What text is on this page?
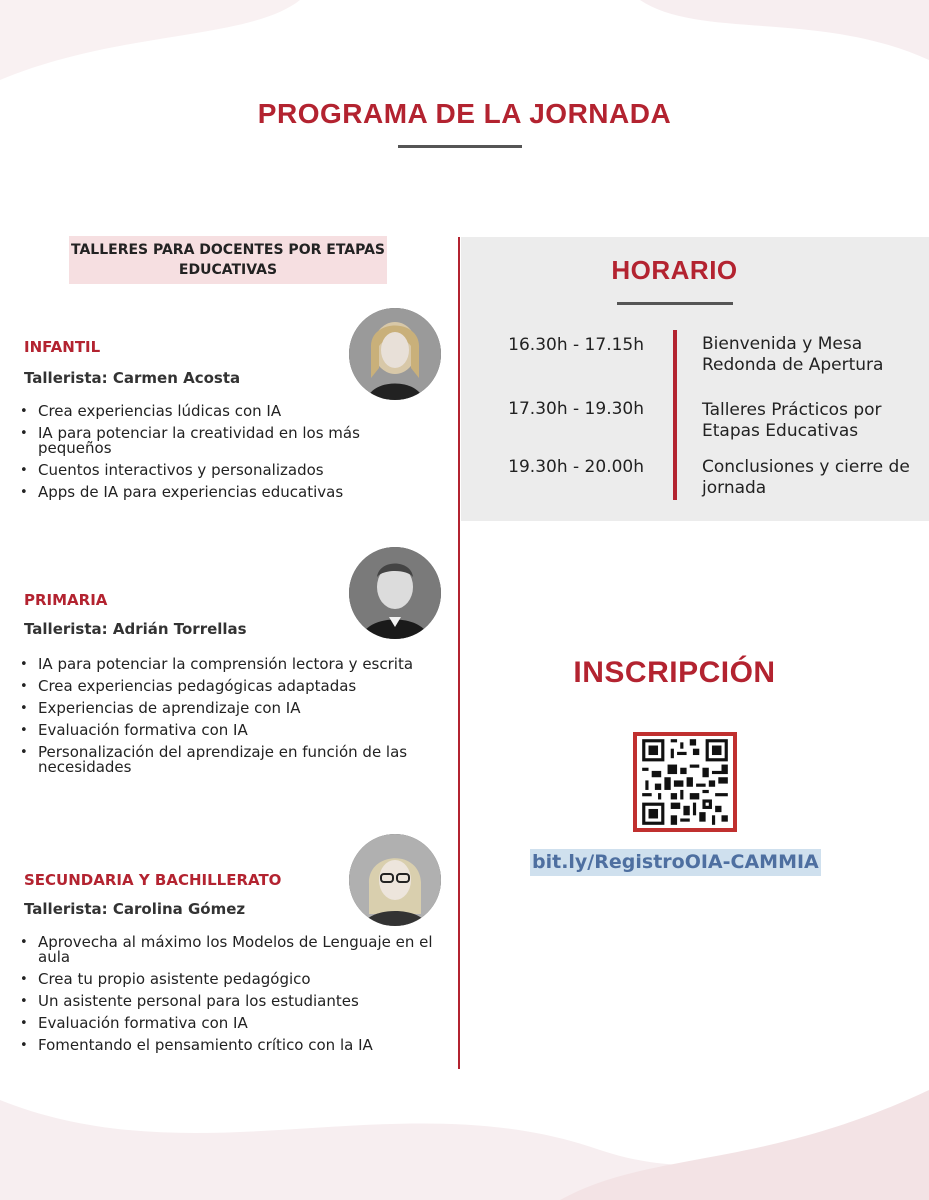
PROGRAMA DE LA JORNADA
TALLERES PARA DOCENTES POR ETAPAS EDUCATIVAS
INFANTIL
Tallerista: Carmen Acosta
• Crea experiencias lúdicas con IA
• IA para potenciar la creatividad en los más pequeños
• Cuentos interactivos y personalizados
• Apps de IA para experiencias educativas
PRIMARIA
Tallerista: Adrián Torrellas
• IA para potenciar la comprensión lectora y escrita
• Crea experiencias pedagógicas adaptadas
• Experiencias de aprendizaje con IA
• Evaluación formativa con IA
• Personalización del aprendizaje en función de las necesidades
SECUNDARIA Y BACHILLERATO
Tallerista: Carolina Gómez
• Aprovecha al máximo los Modelos de Lenguaje en el aula
• Crea tu propio asistente pedagógico
• Un asistente personal para los estudiantes
• Evaluación formativa con IA
• Fomentando el pensamiento crítico con la IA
HORARIO
16.30h - 17.15h	Bienvenida y Mesa Redonda de Apertura
17.30h - 19.30h	Talleres Prácticos por Etapas Educativas
19.30h - 20.00h	Conclusiones y cierre de jornada
INSCRIPCIÓN
bit.ly/RegistroOIA-CAMMIA
